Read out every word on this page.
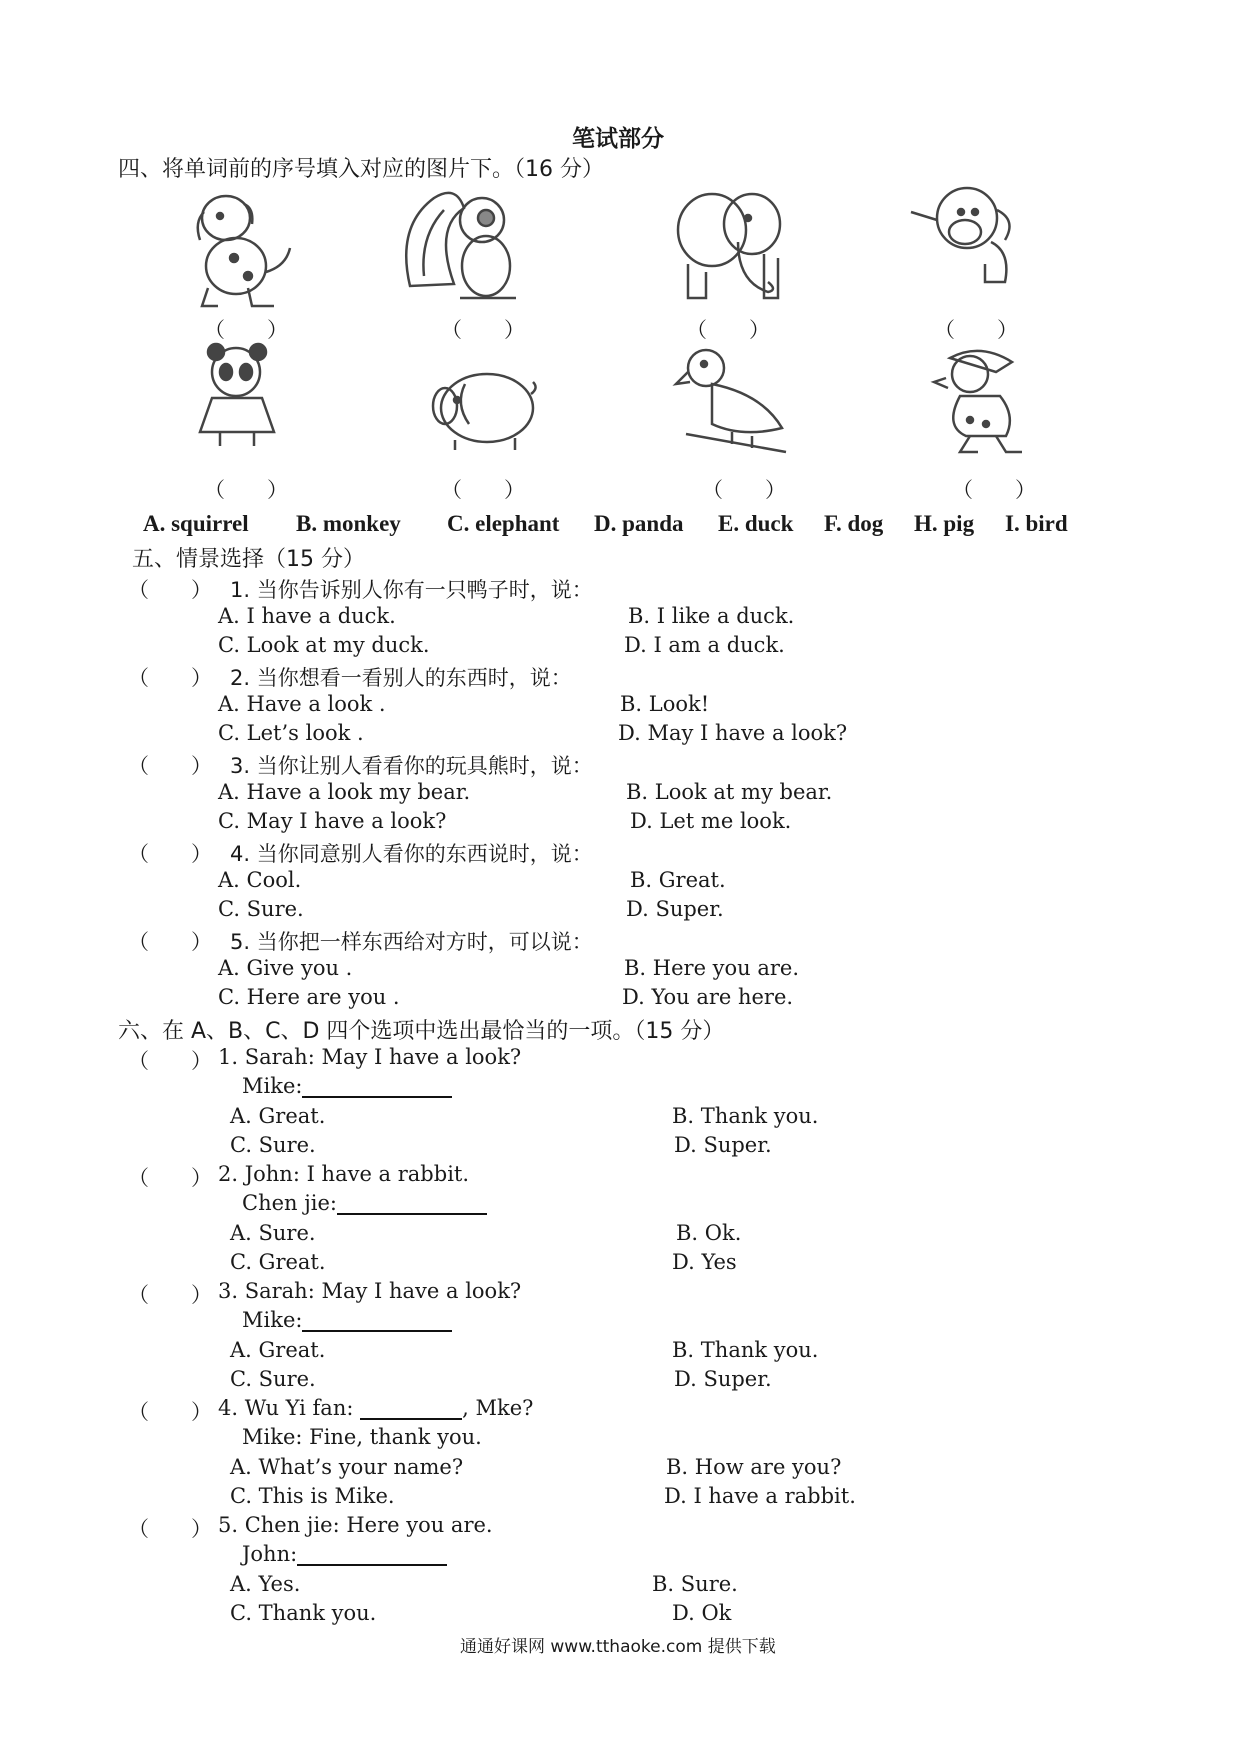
笔试部分
四、将单词前的序号填入对应的图片下。（16 分）
（　　）	（　　）	（　　）	（　　）
（　　）	（　　）	（　　）	（　　）
A. squirrel B. monkey C. elephant D. panda E. duck F. dog H. pig I. bird
五、情景选择（15 分）
（　　） 1. 当你告诉别人你有一只鸭子时，说：
A. I have a duck.	B. I like a duck.
C. Look at my duck.	D. I am a duck.
（　　） 2. 当你想看一看别人的东西时，说：
A. Have a look .	B. Look!
C. Let’s look .	D. May I have a look?
（　　） 3. 当你让别人看看你的玩具熊时，说：
A. Have a look my bear.	B. Look at my bear.
C. May I have a look?	D. Let me look.
（　　） 4. 当你同意别人看你的东西说时，说：
A. Cool.	B. Great.
C. Sure.	D. Super.
（　　） 5. 当你把一样东西给对方时，可以说：
A. Give you .	B. Here you are.
C. Here are you .	D. You are here.
六、在 A、B、C、D 四个选项中选出最恰当的一项。（15 分）
（　　） 1. Sarah: May I have a look?
Mike:
A. Great.	B. Thank you.
C. Sure.	D. Super.
（　　） 2. John: I have a rabbit.
Chen jie:
A. Sure.	B. Ok.
C. Great.	D. Yes
（　　） 3. Sarah: May I have a look?
Mike:
A. Great.	B. Thank you.
C. Sure.	D. Super.
（　　） 4. Wu Yi fan:	, Mke?
Mike: Fine, thank you.
A. What’s your name?	B. How are you?
C. This is Mike.	D. I have a rabbit.
（　　） 5. Chen jie: Here you are.
John:
A. Yes.	B. Sure.
C. Thank you.	D. Ok
通通好课网 www.tthaoke.com 提供下载
